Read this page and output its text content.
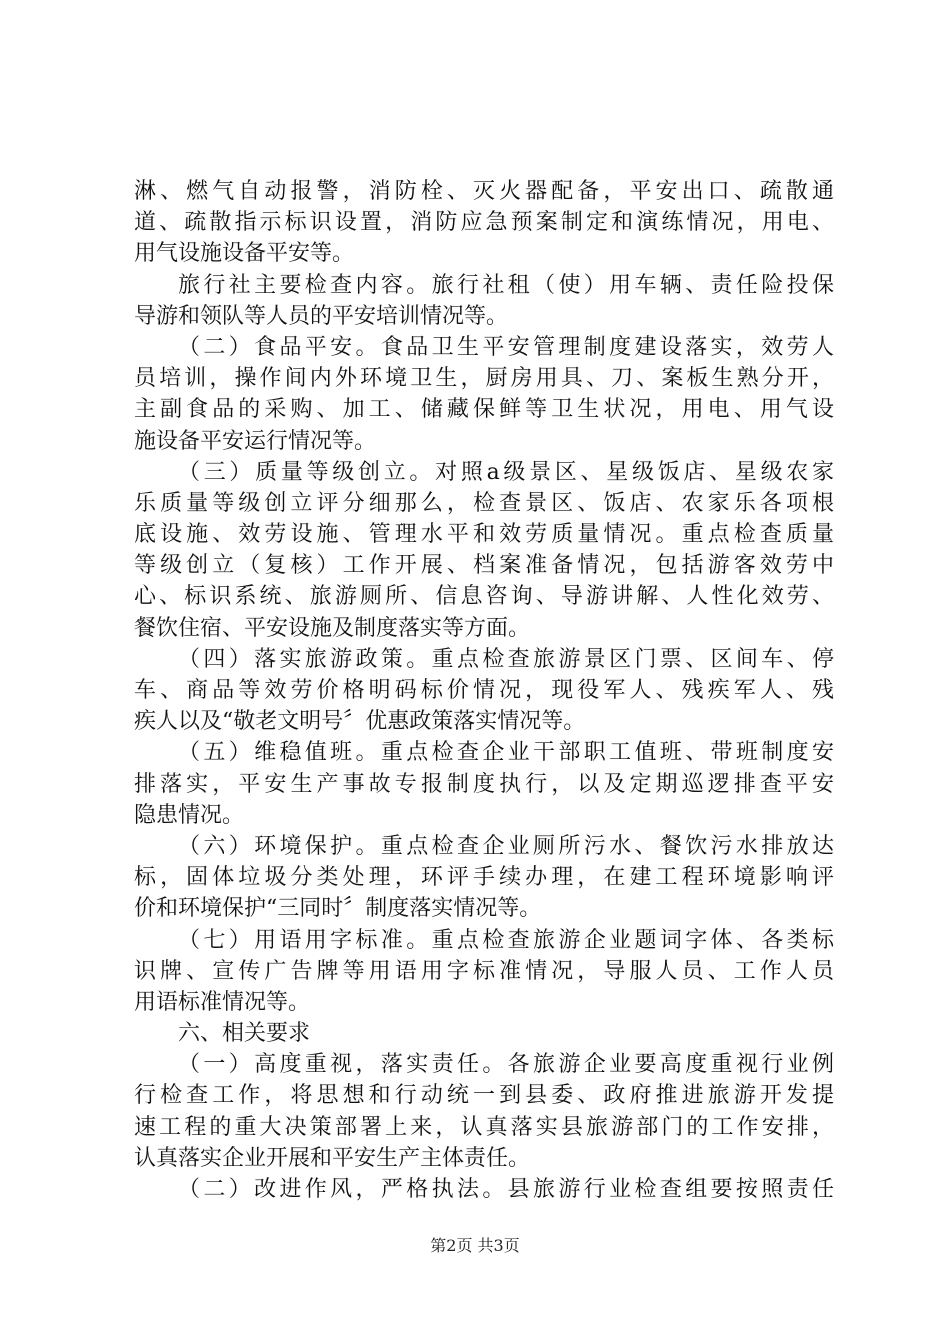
淋、燃气自动报警，消防栓、灭火器配备，平安出口、疏散通
道、疏散指示标识设置，消防应急预案制定和演练情况，用电、
用气设施设备平安等。
旅行社主要检查内容。旅行社租（使）用车辆、责任险投保
导游和领队等人员的平安培训情况等。
（二）食品平安。食品卫生平安管理制度建设落实，效劳人
员培训，操作间内外环境卫生，厨房用具、刀、案板生熟分开，
主副食品的采购、加工、储藏保鲜等卫生状况，用电、用气设
施设备平安运行情况等。
（三）质量等级创立。对照a级景区、星级饭店、星级农家
乐质量等级创立评分细那么，检查景区、饭店、农家乐各项根
底设施、效劳设施、管理水平和效劳质量情况。重点检查质量
等级创立（复核）工作开展、档案准备情况，包括游客效劳中
心、标识系统、旅游厕所、信息咨询、导游讲解、人性化效劳、
餐饮住宿、平安设施及制度落实等方面。
（四）落实旅游政策。重点检查旅游景区门票、区间车、停
车、商品等效劳价格明码标价情况，现役军人、残疾军人、残
疾人以及“敬老文明号〞优惠政策落实情况等。
（五）维稳值班。重点检查企业干部职工值班、带班制度安
排落实，平安生产事故专报制度执行，以及定期巡逻排查平安
隐患情况。
（六）环境保护。重点检查企业厕所污水、餐饮污水排放达
标，固体垃圾分类处理，环评手续办理，在建工程环境影响评
价和环境保护“三同时〞制度落实情况等。
（七）用语用字标准。重点检查旅游企业题词字体、各类标
识牌、宣传广告牌等用语用字标准情况，导服人员、工作人员
用语标准情况等。
六、相关要求
（一）高度重视，落实责任。各旅游企业要高度重视行业例
行检查工作，将思想和行动统一到县委、政府推进旅游开发提
速工程的重大决策部署上来，认真落实县旅游部门的工作安排，
认真落实企业开展和平安生产主体责任。
（二）改进作风，严格执法。县旅游行业检查组要按照责任
第2页 共3页
